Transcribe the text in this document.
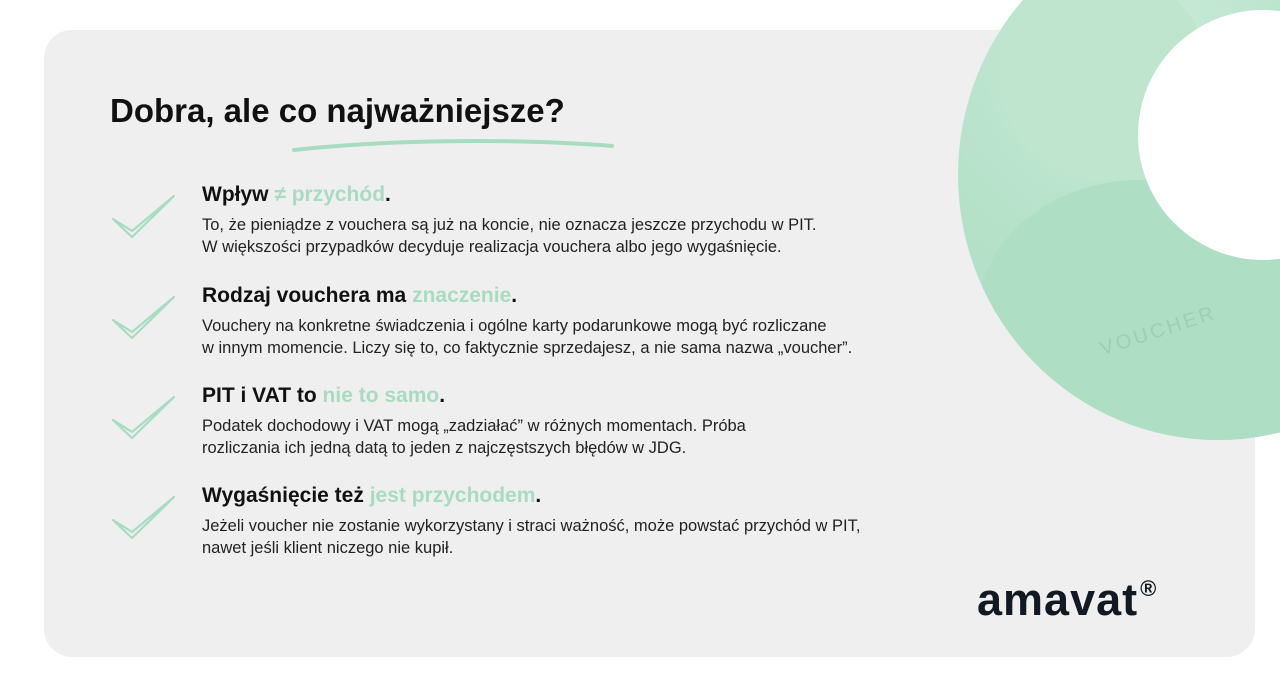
VOUCHER
Dobra, ale co najważniejsze?
Wpływ ≠ przychód.

To, że pieniądze z vouchera są już na koncie, nie oznacza jeszcze przychodu w PIT.
W większości przypadków decyduje realizacja vouchera albo jego wygaśnięcie.

Rodzaj vouchera ma znaczenie.

Vouchery na konkretne świadczenia i ogólne karty podarunkowe mogą być rozliczane
w innym momencie. Liczy się to, co faktycznie sprzedajesz, a nie sama nazwa „voucher”.

PIT i VAT to nie to samo.

Podatek dochodowy i VAT mogą „zadziałać” w różnych momentach. Próba
rozliczania ich jedną datą to jeden z najczęstszych błędów w JDG.

Wygaśnięcie też jest przychodem.

Jeżeli voucher nie zostanie wykorzystany i straci ważność, może powstać przychód w PIT,
nawet jeśli klient niczego nie kupił.

amavat®
